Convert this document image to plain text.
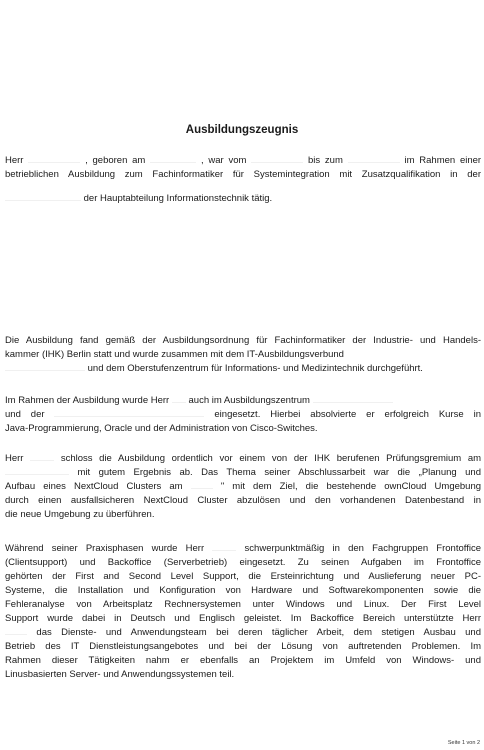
Ausbildungszeugnis
Herr	, geboren am	, war vom	bis zum	im Rahmen einer
betrieblichen Ausbildung zum Fachinformatiker für Systemintegration mit Zusatzqualifikation in der
der Hauptabteilung Informationstechnik tätig.
Die Ausbildung fand gemäß der Ausbildungsordnung für Fachinformatiker der Industrie- und Handels-
kammer (IHK) Berlin statt und wurde zusammen mit dem IT-Ausbildungsverbund
und dem Oberstufenzentrum für Informations- und Medizintechnik durchgeführt.
Im Rahmen der Ausbildung wurde Herr auch im Ausbildungszentrum
und der	eingesetzt. Hierbei absolvierte er erfolgreich Kurse in
Java-Programmierung, Oracle und der Administration von Cisco-Switches.
Herr	schloss die Ausbildung ordentlich vor einem von der IHK berufenen Prüfungsgremium am
mit gutem Ergebnis ab. Das Thema seiner Abschlussarbeit war die „Planung und
Aufbau eines NextCloud Clusters am	" mit dem Ziel, die bestehende ownCloud Umgebung
durch einen ausfallsicheren NextCloud Cluster abzulösen und den vorhandenen Datenbestand in
die neue Umgebung zu überführen.
Während seiner Praxisphasen wurde Herr	schwerpunktmäßig in den Fachgruppen Frontoffice
(Clientsupport) und Backoffice (Serverbetrieb) eingesetzt. Zu seinen Aufgaben im Frontoffice
gehörten der First and Second Level Support, die Ersteinrichtung und Auslieferung neuer PC-
Systeme, die Installation und Konfiguration von Hardware und Softwarekomponenten sowie die
Fehleranalyse von Arbeitsplatz Rechnersystemen unter Windows und Linux. Der First Level
Support wurde dabei in Deutsch und Englisch geleistet. Im Backoffice Bereich unterstützte Herr
das Dienste- und Anwendungsteam bei deren täglicher Arbeit, dem stetigen Ausbau und
Betrieb des IT Dienstleistungsangebotes und bei der Lösung von auftretenden Problemen. Im
Rahmen dieser Tätigkeiten nahm er ebenfalls an Projektem im Umfeld von Windows- und
Linusbasierten Server- und Anwendungssystemen teil.
Seite 1 von 2
